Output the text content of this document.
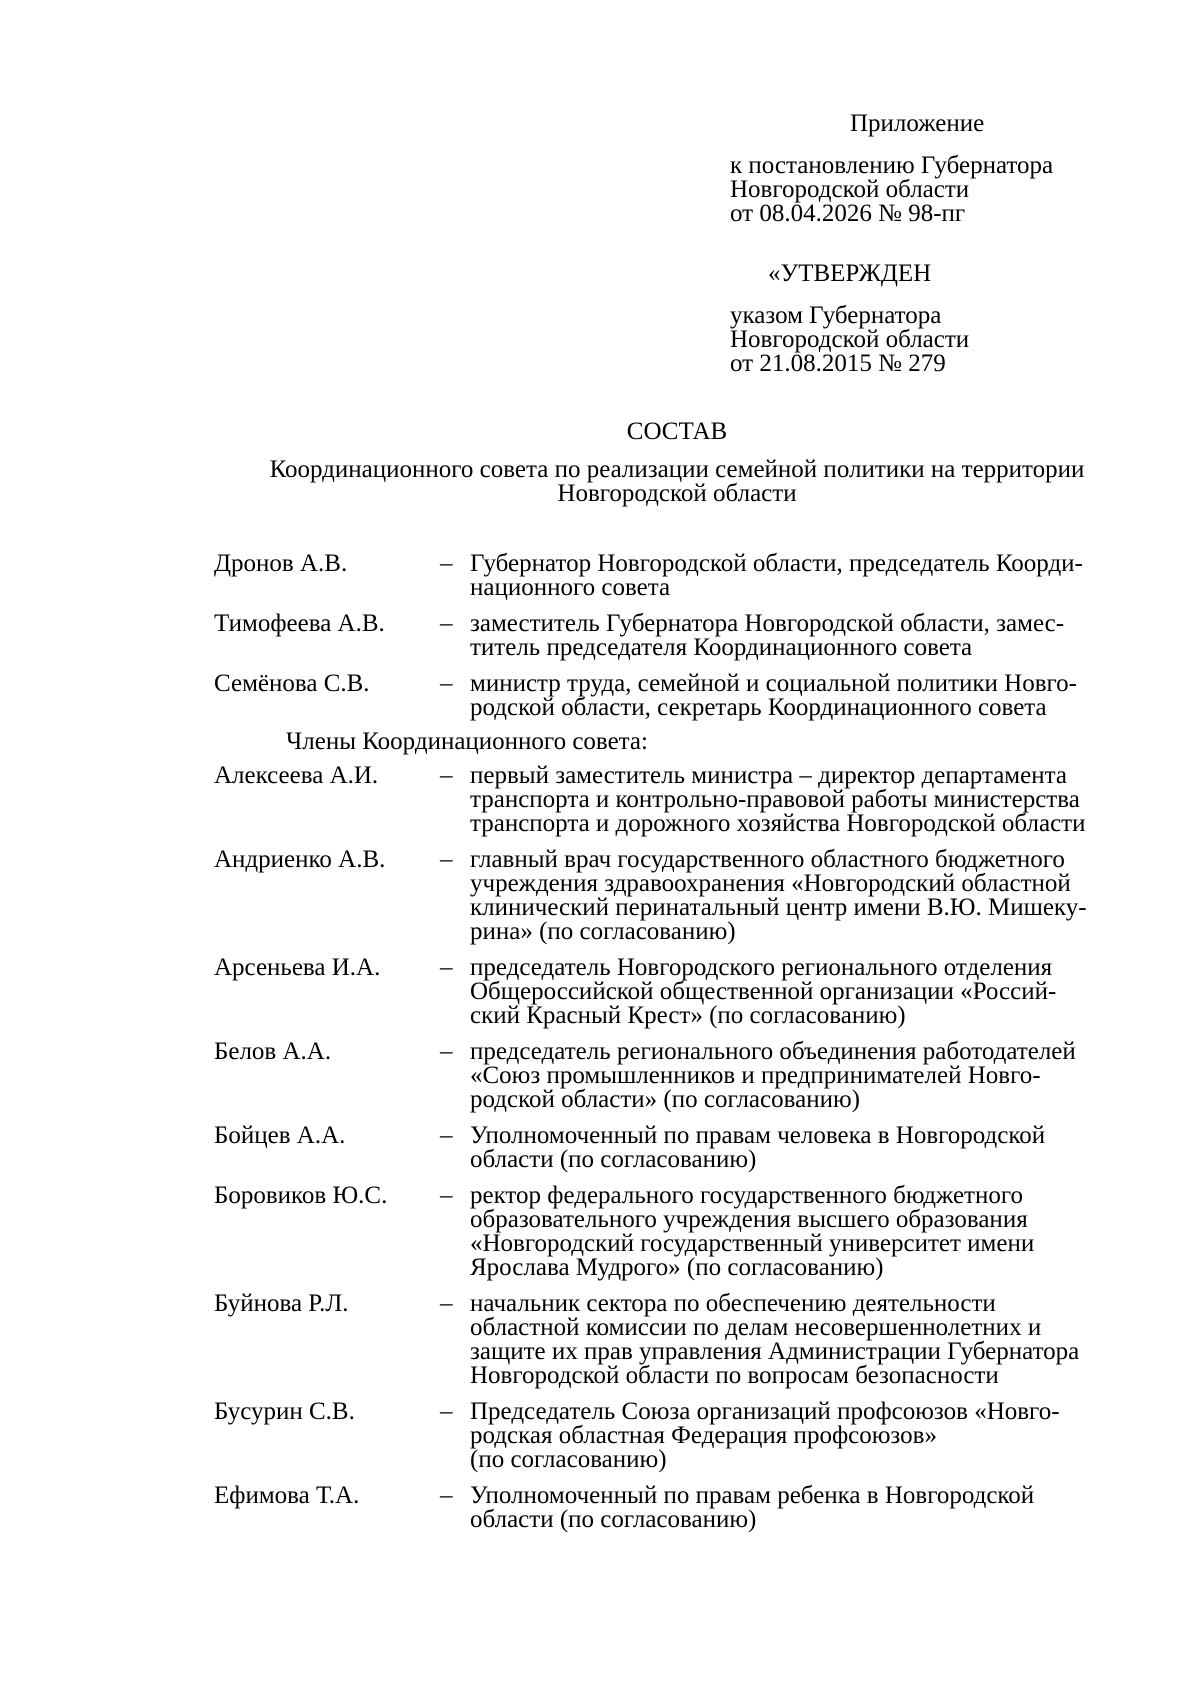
Приложение
к постановлению Губернатора
Новгородской области
от 08.04.2026 № 98-пг
«УТВЕРЖДЕН
указом Губернатора
Новгородской области
от 21.08.2015 № 279
СОСТАВ
Координационного совета по реализации семейной политики на территории
Новгородской области
Дронов А.В.	– Губернатор Новгородской области, председатель Коорди-
национного совета
Тимофеева А.В.	– заместитель Губернатора Новгородской области, замес-
титель председателя Координационного совета
Семёнова С.В.	– министр труда, семейной и социальной политики Новго-
родской области, секретарь Координационного совета
Члены Координационного совета:
Алексеева А.И.	– первый заместитель министра – директор департамента
транспорта и контрольно-правовой работы министерства
транспорта и дорожного хозяйства Новгородской области
Андриенко А.В.	– главный врач государственного областного бюджетного
учреждения здравоохранения «Новгородский областной
клинический перинатальный центр имени В.Ю. Мишеку-
рина» (по согласованию)
Арсеньева И.А.	– председатель Новгородского регионального отделения
Общероссийской общественной организации «Россий-
ский Красный Крест» (по согласованию)
Белов А.А.	– председатель регионального объединения работодателей
«Союз промышленников и предпринимателей Новго-
родской области» (по согласованию)
Бойцев А.А.	– Уполномоченный по правам человека в Новгородской
области (по согласованию)
Боровиков Ю.С.	– ректор федерального государственного бюджетного
образовательного учреждения высшего образования
«Новгородский государственный университет имени
Ярослава Мудрого» (по согласованию)
Буйнова Р.Л.	– начальник сектора по обеспечению деятельности
областной комиссии по делам несовершеннолетних и
защите их прав управления Администрации Губернатора
Новгородской области по вопросам безопасности
Бусурин С.В.	– Председатель Союза организаций профсоюзов «Новго-
родская областная Федерация профсоюзов»
(по согласованию)
Ефимова Т.А.	– Уполномоченный по правам ребенка в Новгородской
области (по согласованию)
